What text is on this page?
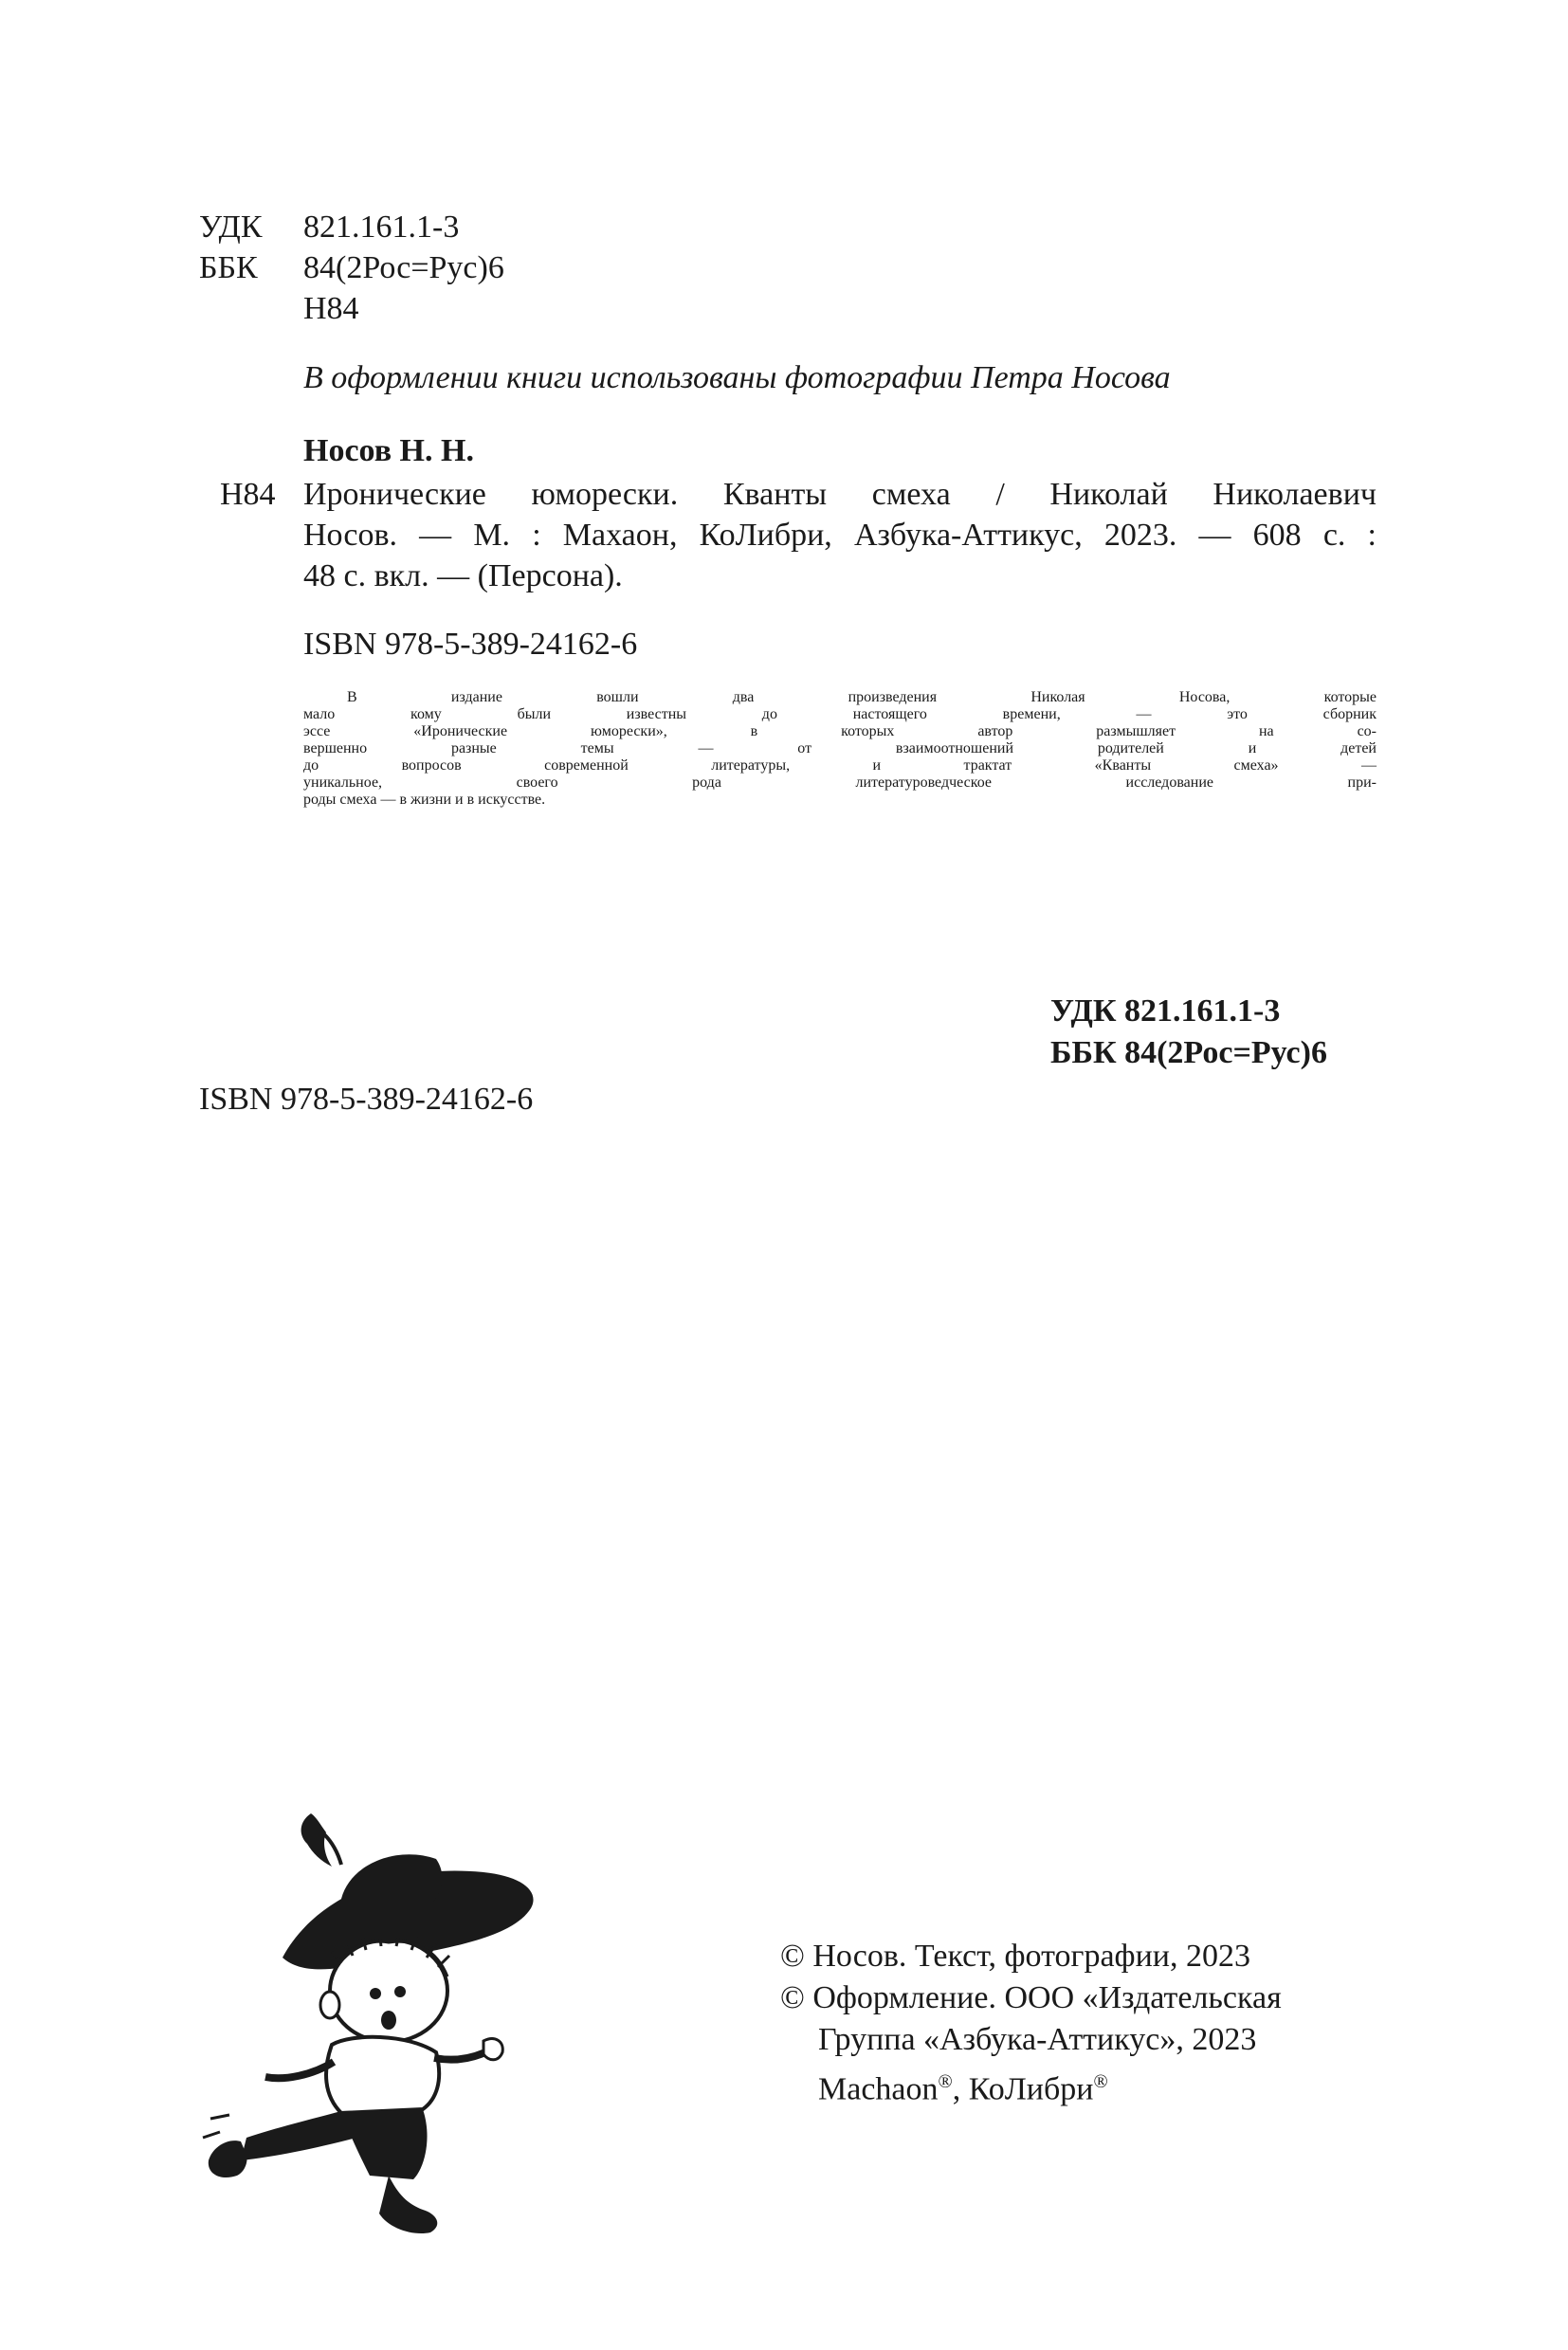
УДК	821.161.1-3
ББК	84(2Рос=Рус)6
Н84
В оформлении книги использованы фотографии Петра Носова
Носов Н. Н.
Н84 Иронические юморески. Кванты смеха / Николай Николаевич
Носов. — М. : Махаон, КоЛибри, Азбука-Аттикус, 2023. — 608 с. :
48 с. вкл. — (Персона).
ISBN 978-5-389-24162-6
В издание вошли два произведения Николая Носова, которые
мало кому были известны до настоящего времени, — это сборник
эссе «Иронические юморески», в которых автор размышляет на со-
вершенно разные темы — от взаимоотношений родителей и детей
до вопросов современной литературы, и трактат «Кванты смеха» —
уникальное, своего рода литературоведческое исследование при-
роды смеха — в жизни и в искусстве.
УДК 821.161.1-3
ББК 84(2Рос=Рус)6
ISBN 978-5-389-24162-6
© Носов. Текст, фотографии, 2023
© Оформление. ООО «Издательская
Группа «Азбука-Аттикус», 2023
Machaon®, КоЛибри®
